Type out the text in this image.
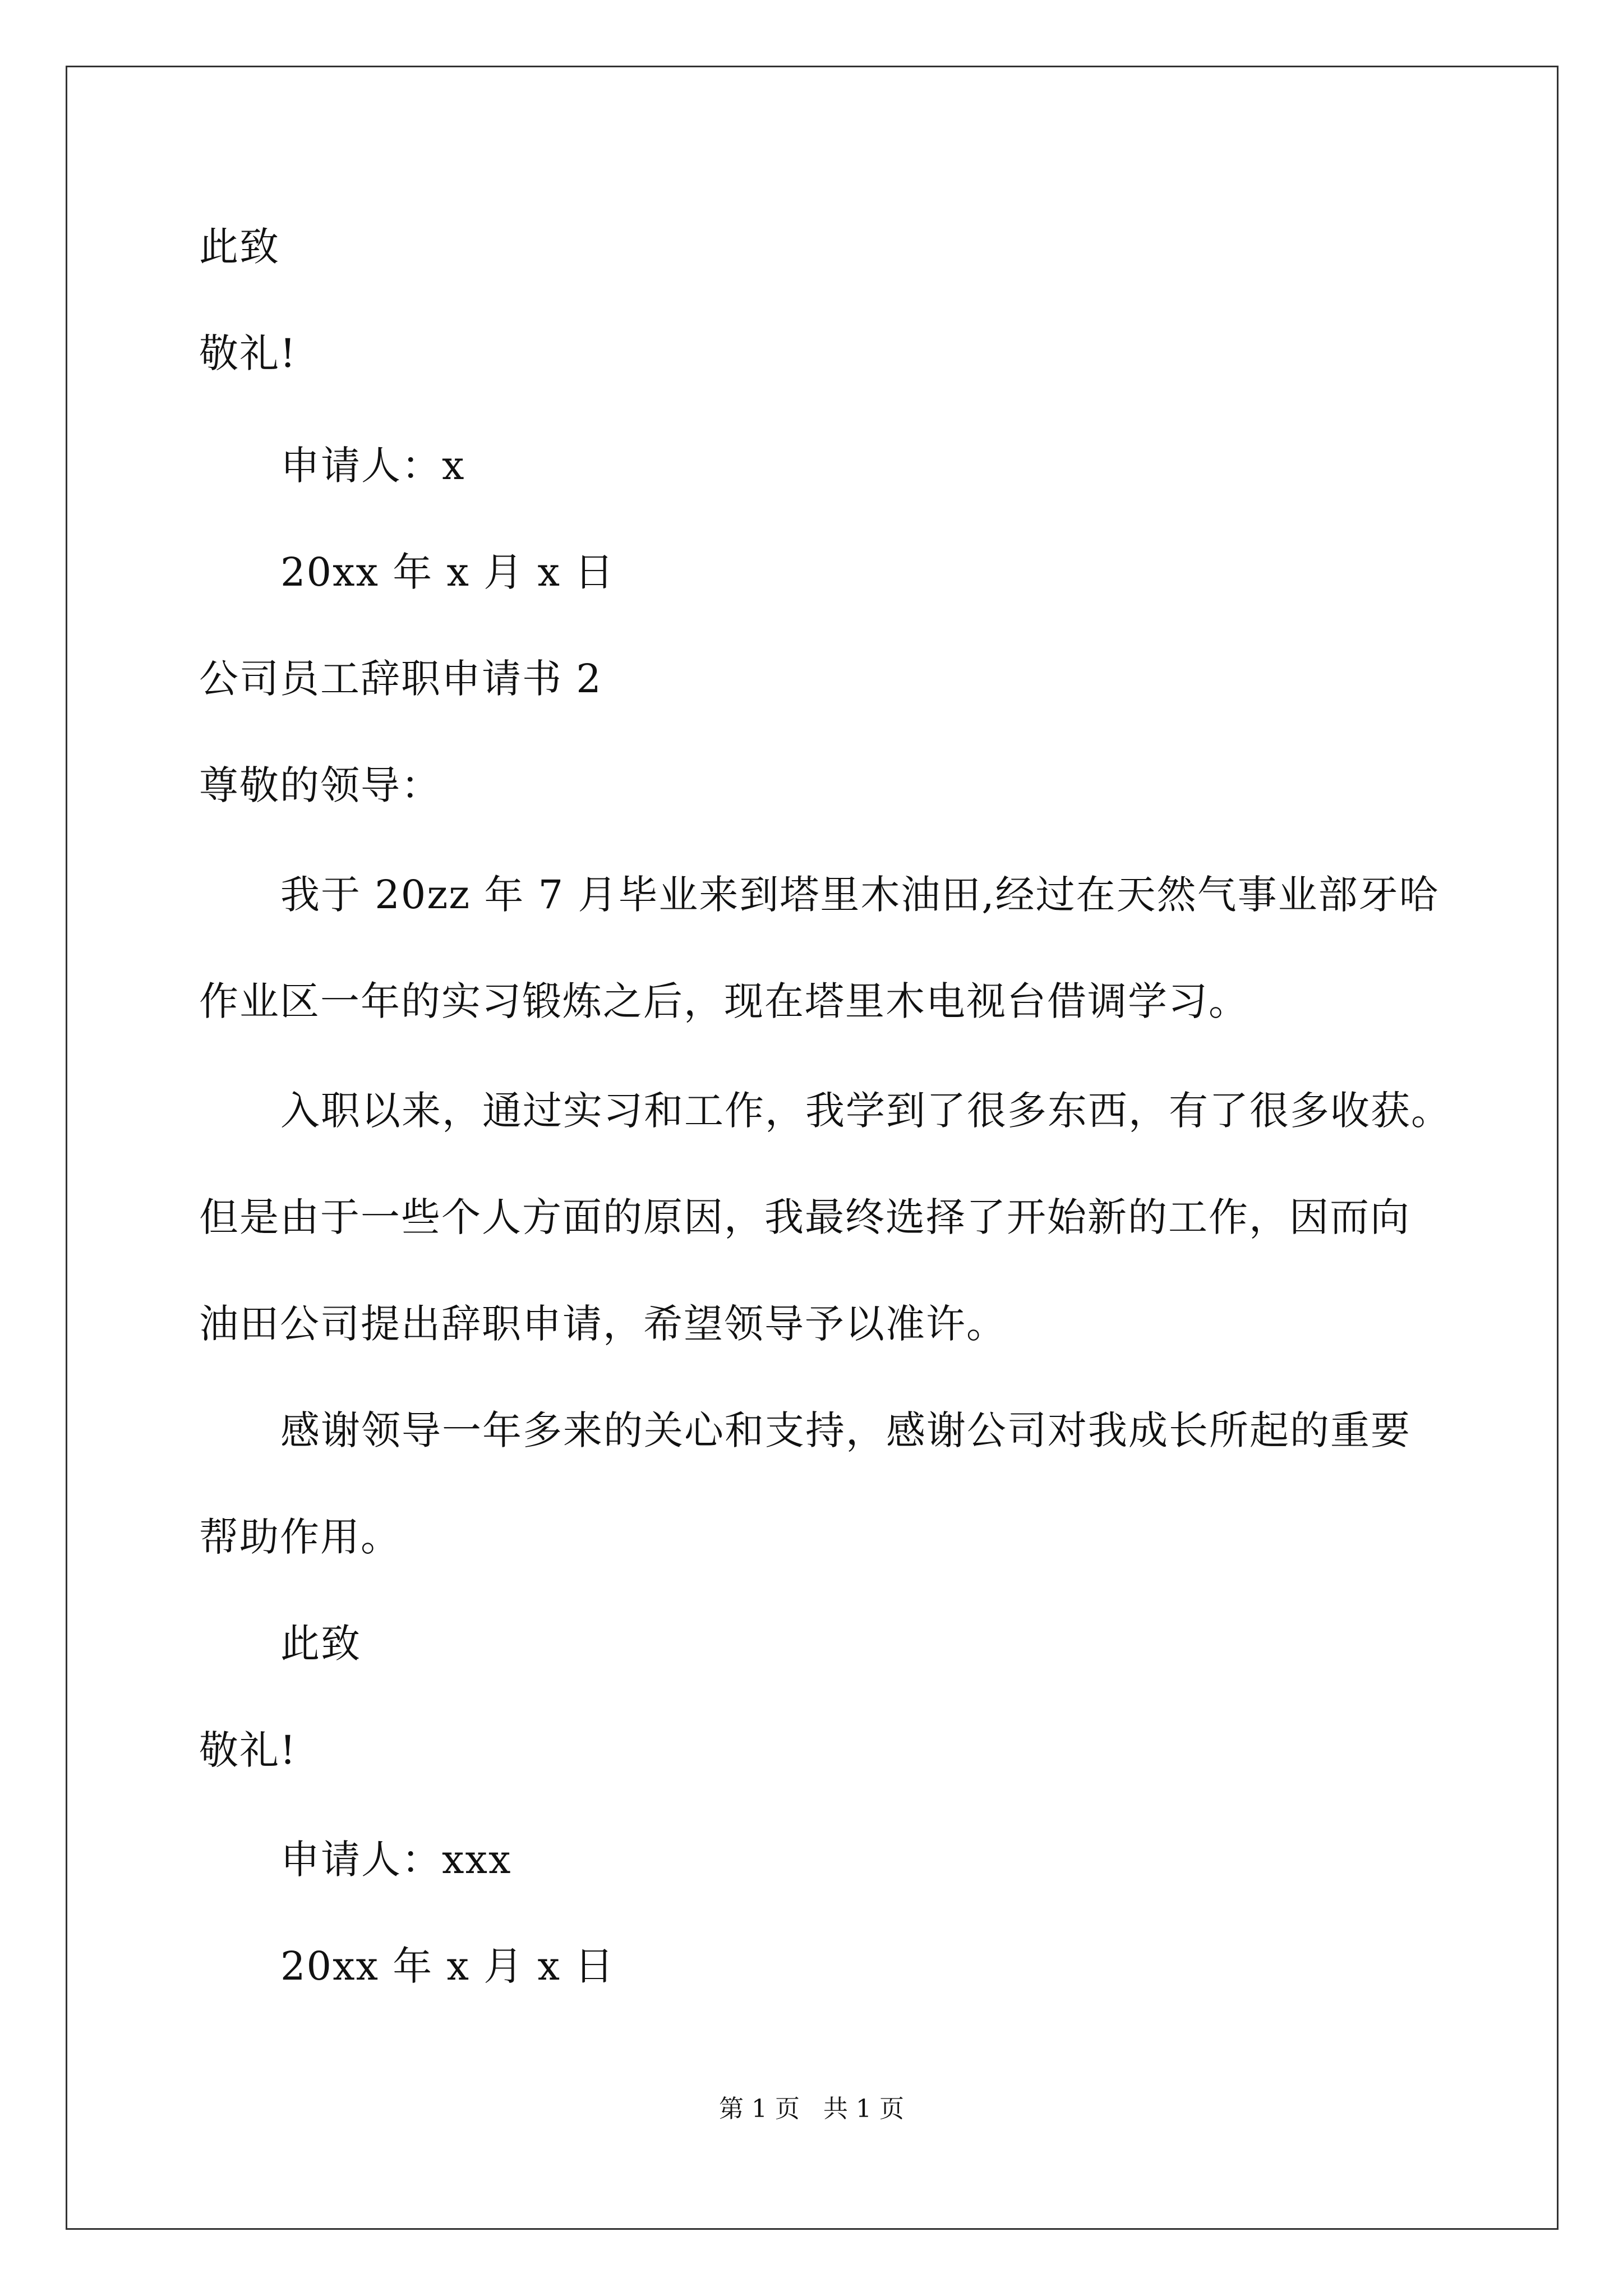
此致
敬礼!
申请人：x
20xx 年 x 月 x 日
公司员工辞职申请书 2
尊敬的领导：
我于 20zz 年 7 月毕业来到塔里木油田,经过在天然气事业部牙哈
作业区一年的实习锻炼之后，现在塔里木电视台借调学习。
入职以来，通过实习和工作，我学到了很多东西，有了很多收获。
但是由于一些个人方面的原因，我最终选择了开始新的工作，因而向
油田公司提出辞职申请，希望领导予以准许。
感谢领导一年多来的关心和支持，感谢公司对我成长所起的重要
帮助作用。
此致
敬礼!
申请人：xxx
20xx 年 x 月 x 日
第 1 页   共 1 页
